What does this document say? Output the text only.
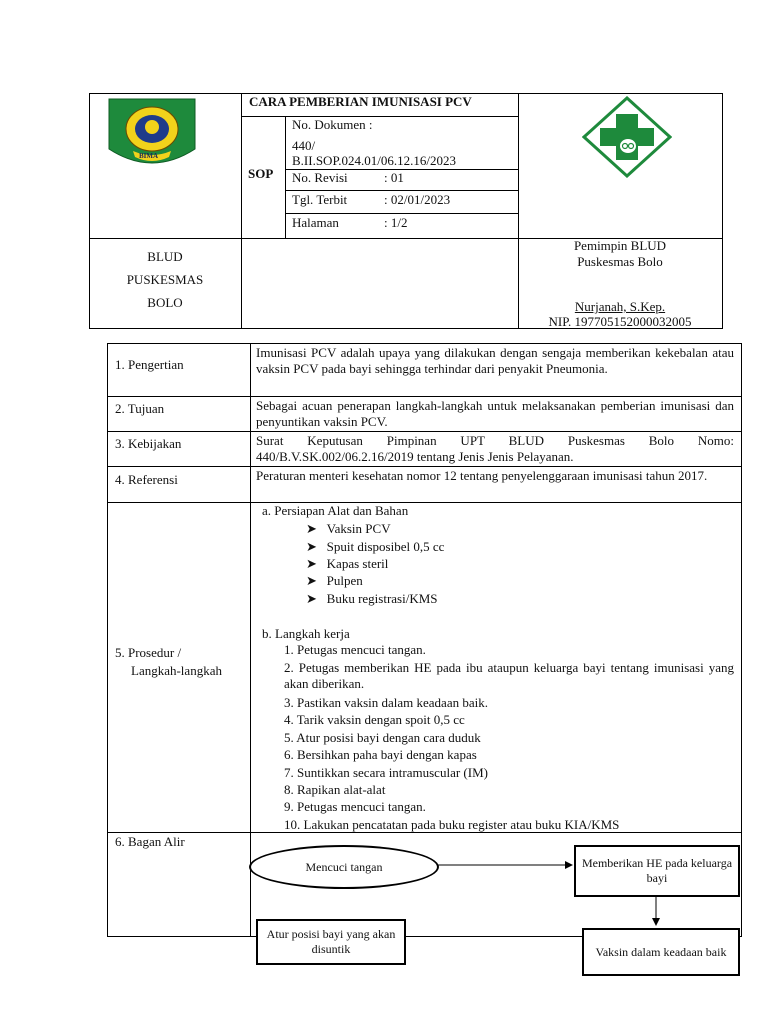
BIMA
CARA PEMBERIAN IMUNISASI PCV
SOP
No. Dokumen :
440/
B.II.SOP.024.01/06.12.16/2023
No. Revisi	: 01
Tgl. Terbit	: 02/01/2023
Halaman	: 1/2
BLUD
PUSKESMAS
BOLO
Pemimpin BLUD
Puskesmas Bolo
Nurjanah, S.Kep.
NIP. 197705152000032005
1. Pengertian
Imunisasi PCV adalah upaya yang dilakukan dengan sengaja memberikan kekebalan atau vaksin PCV pada bayi sehingga terhindar dari penyakit Pneumonia.
2. Tujuan	Sebagai acuan penerapan langkah-langkah untuk melaksanakan pemberian imunisasi dan penyuntikan vaksin PCV.
3. Kebijakan	Surat Keputusan Pimpinan UPT BLUD Puskesmas Bolo Nomo: 440/B.V.SK.002/06.2.16/2019 tentang Jenis Jenis Pelayanan.
4. Referensi	Peraturan menteri kesehatan nomor 12 tentang penyelenggaraan imunisasi tahun 2017.
5. Prosedur /
Langkah-langkah
a. Persiapan Alat dan Bahan
➤ Vaksin PCV
➤ Spuit disposibel 0,5 cc
➤ Kapas steril
➤ Pulpen
➤ Buku registrasi/KMS
b. Langkah kerja
1. Petugas mencuci tangan.
2. Petugas memberikan HE pada ibu ataupun keluarga bayi tentang imunisasi yang akan diberikan.
3. Pastikan vaksin dalam keadaan baik.
4. Tarik vaksin dengan spoit 0,5 cc
5. Atur posisi bayi dengan cara duduk
6. Bersihkan paha bayi dengan kapas
7. Suntikkan secara intramuscular (IM)
8. Rapikan alat-alat
9. Petugas mencuci tangan.
10. Lakukan pencatatan pada buku register atau buku KIA/KMS
6. Bagan Alir
Mencuci tangan	Memberikan HE pada keluarga bayi
Vaksin dalam keadaan baik
Atur posisi bayi yang akan disuntik
